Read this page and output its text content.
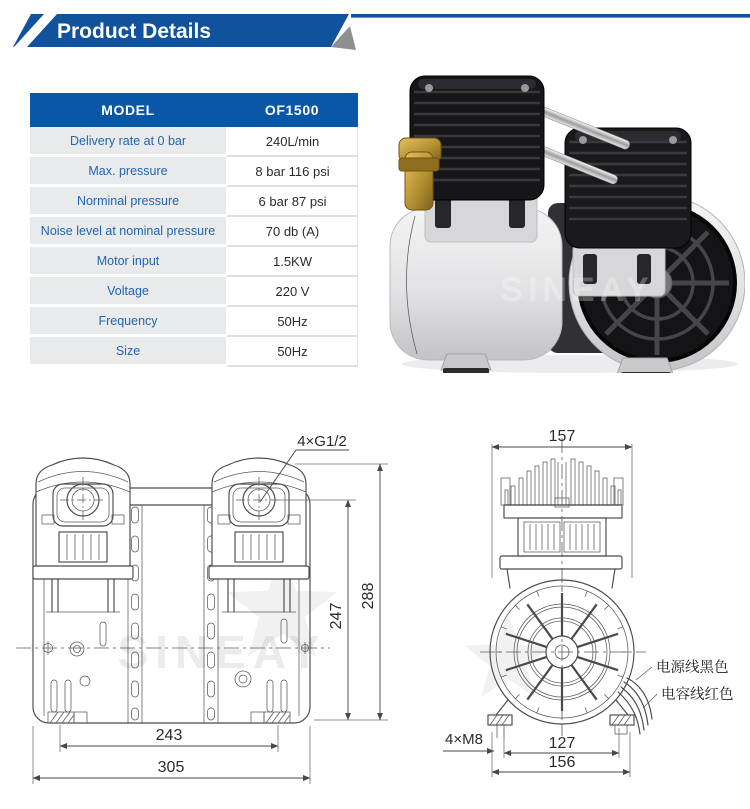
Product Details
MODEL	OF1500
Delivery rate at 0 bar	240L/min
Max. pressure	8 bar 116 psi
Norminal pressure	6 bar 87 psi
Noise level at nominal pressure	70 db (A)
Motor input	1.5KW
Voltage	220 V
Frequency	50Hz
Size	50Hz
SINEAY
SINEAY
4×G1/2
247
288
243
305
157
4×M8	127
156
电源线黑色
电容线红色
